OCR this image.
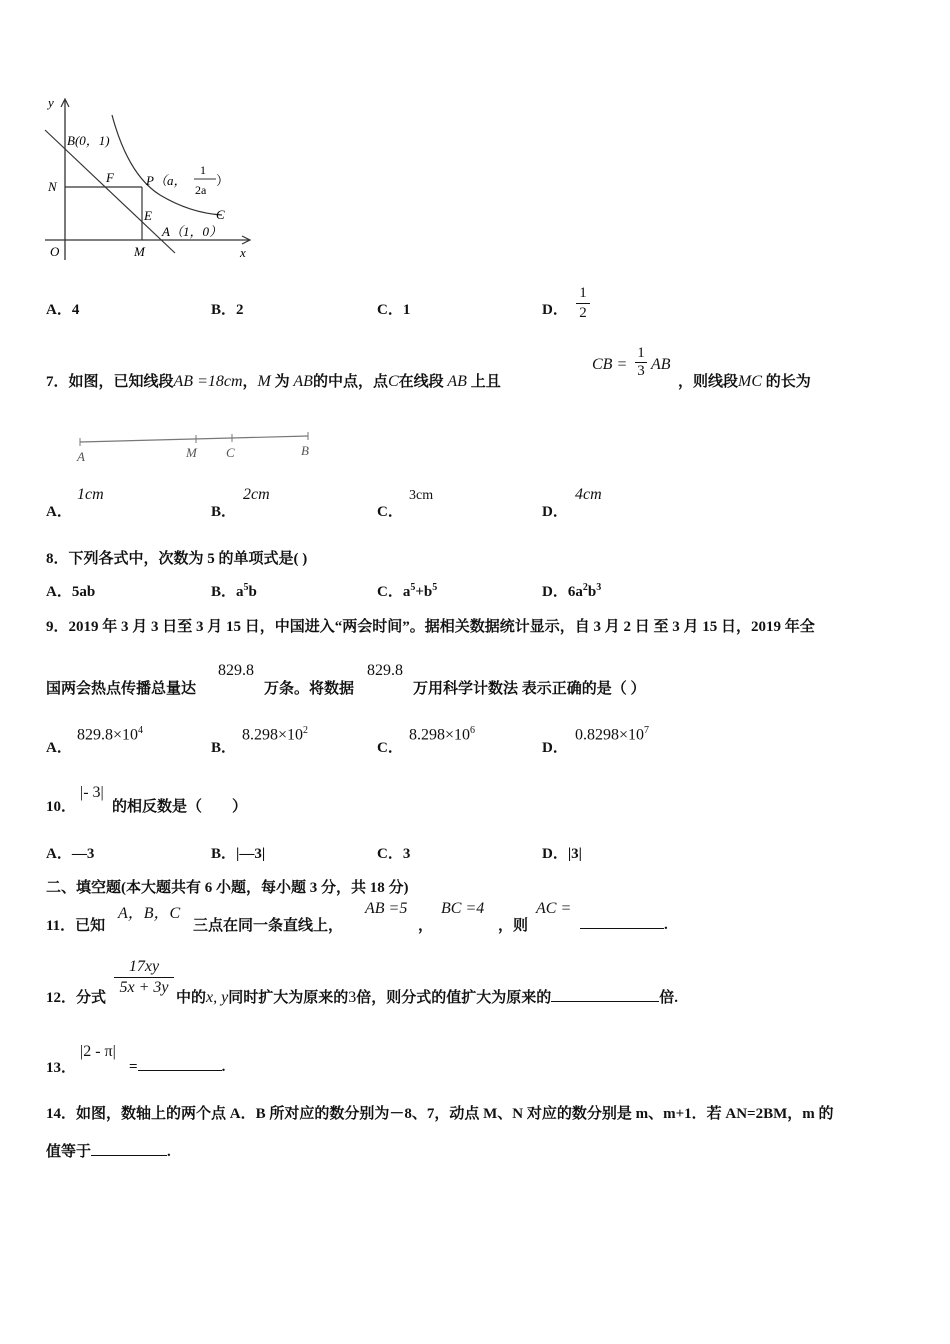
y
x
O
B(0，1)
N
F P（a，
1
2a
）
C
E
A（1，0）
M
A．4	B．2	C．1	D．
1
2
7．如图，已知线段AB =18cm，M 为 AB的中点，点C在线段 AB 上且
CB =
1
3 AB
，则线段MC 的长为
A	M C	B
A．
1cm
B．
2cm
C．
3cm
D．
4cm
8．下列各式中，次数为 5 的单项式是( )
A．5ab	B．$a^5b$	C．$a^5+b^5$	D．$6a^2b^3$
9．2019 年 3 月 3 日至 3 月 15 日，中国进入“两会时间”。据相关数据统计显示，自 3 月 2 日 至 3 月 15 日，2019 年全
国两会热点传播总量达
829.8
万条。将数据
829.8
万用科学计数法 表示正确的是（ ）
A．
$829.8\times 10^4$
B．
$8.298\times 10^2$
C．
$8.298\times 10^6$
D．
$0.8298\times 10^7$
10．
|- 3|
的相反数是（　　）
A．—3	B．|—3|	C．3	D．|3|
二、填空题(本大题共有 6 小题，每小题 3 分，共 18 分)
11．已知
A，B，C
三点在同一条直线上，
AB =5
，
BC =4
，则
AC =
.
12．分式
17xy
5x + 3y
中的x, y同时扩大为原来的3倍，则分式的值扩大为原来的	倍.
13．
|2 - π|
=	.
14．如图，数轴上的两个点 A．B 所对应的数分别为－8、7，动点 M、N 对应的数分别是 m、m+1．若 AN=2BM，m 的
值等于	.
